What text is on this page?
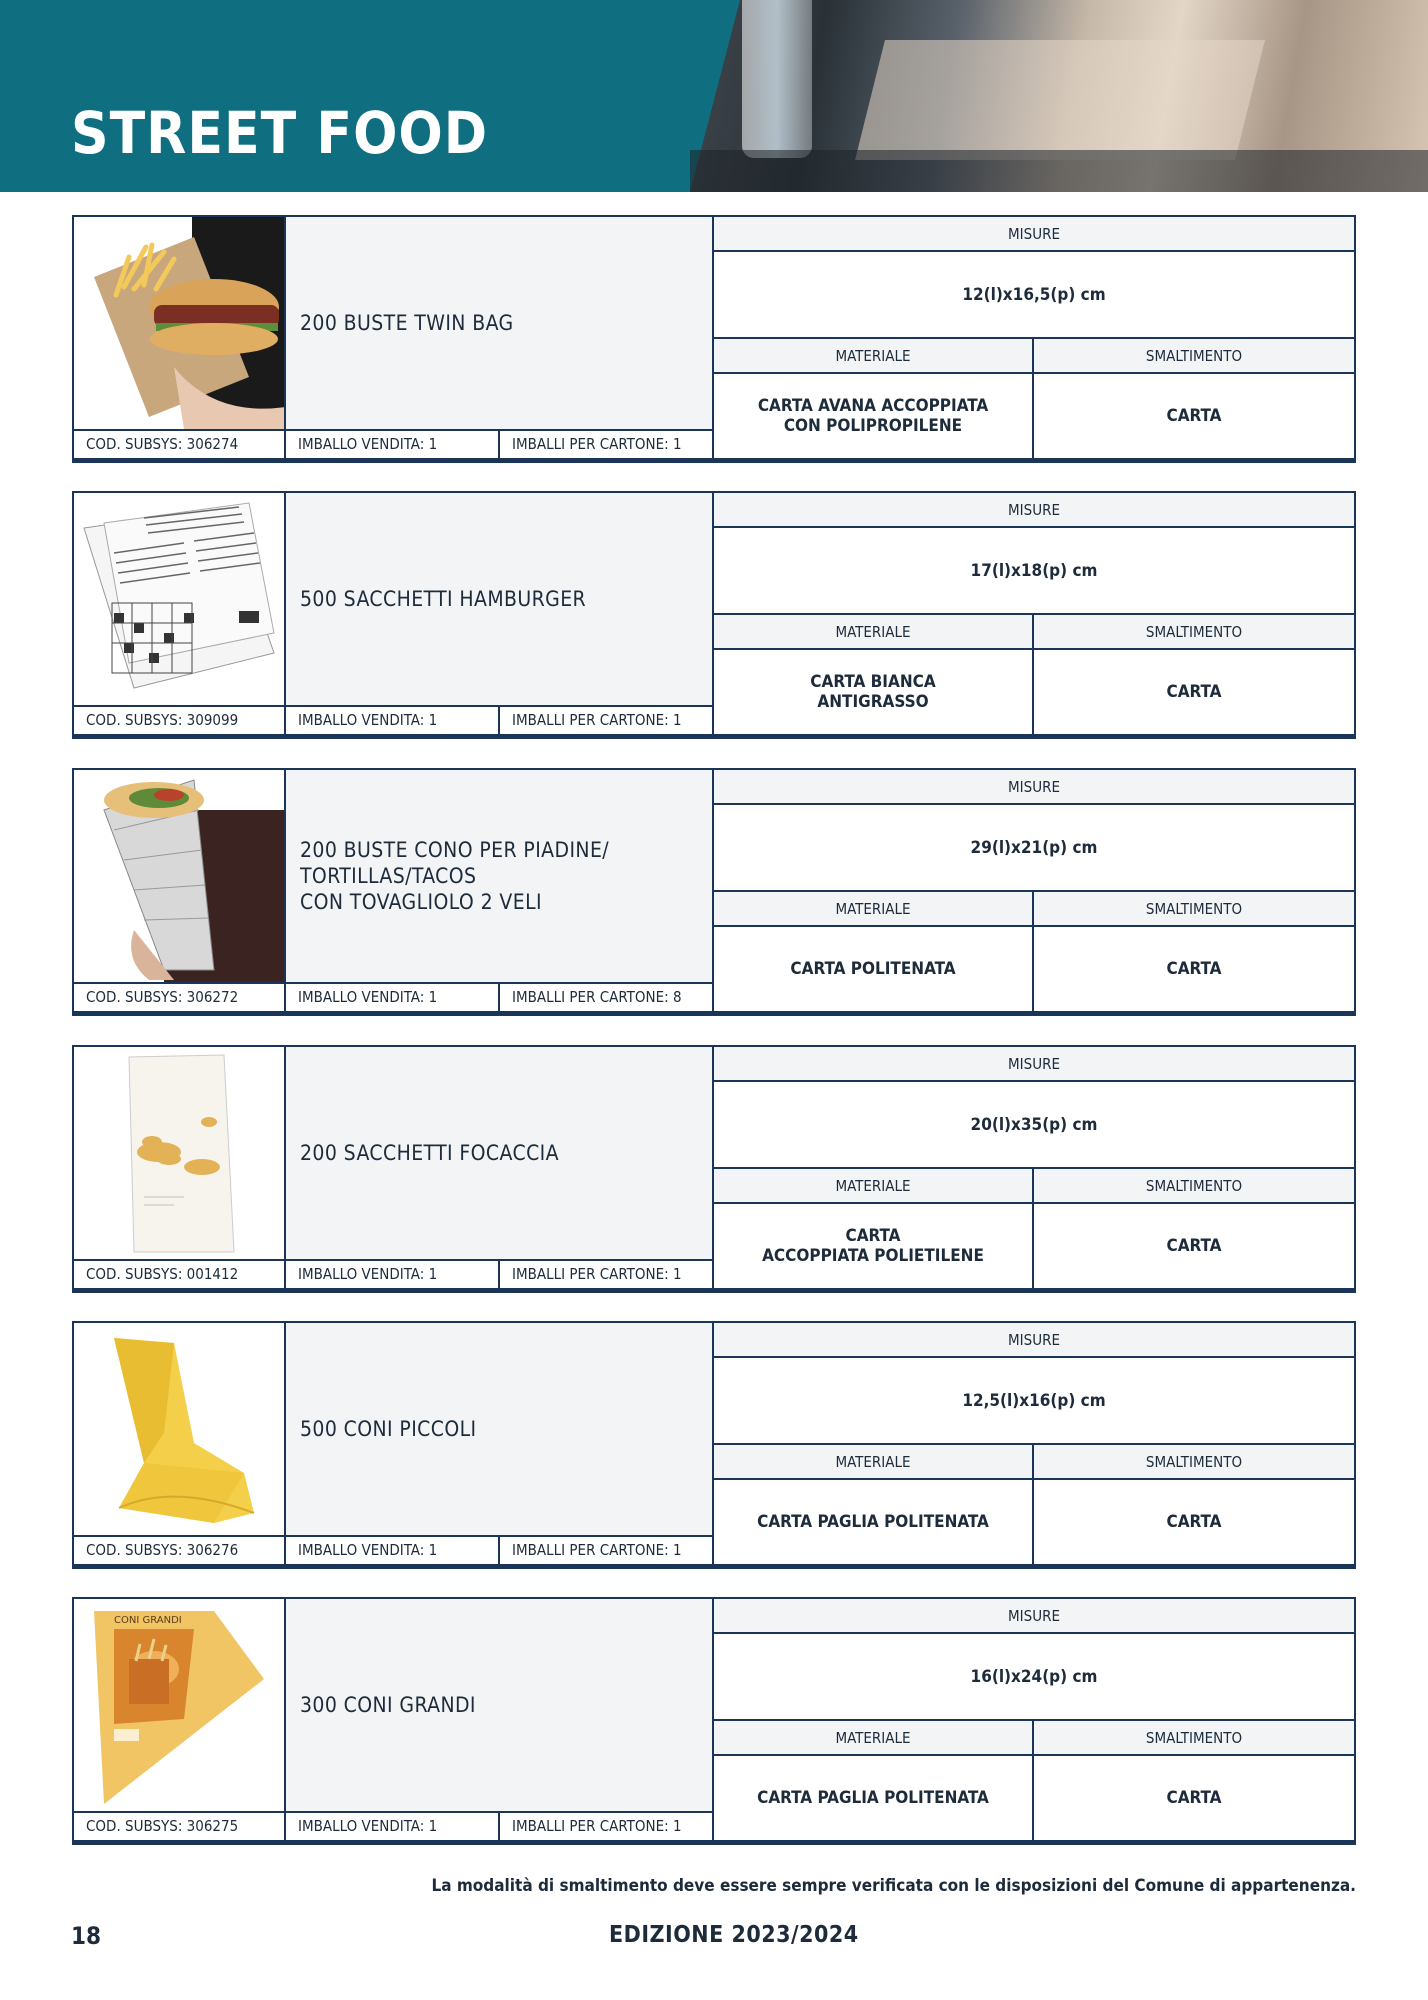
STREET FOOD
200 BUSTE TWIN BAG
COD. SUBSYS: 306274	IMBALLO VENDITA: 1	IMBALLI PER CARTONE: 1
MISURE
12(l)x16,5(p) cm
MATERIALE	SMALTIMENTO
CARTA AVANA ACCOPPIATA
CON POLIPROPILENE	CARTA
500 SACCHETTI HAMBURGER
COD. SUBSYS: 309099	IMBALLO VENDITA: 1	IMBALLI PER CARTONE: 1
MISURE
17(l)x18(p) cm
MATERIALE	SMALTIMENTO
CARTA BIANCA
ANTIGRASSO	CARTA
200 BUSTE CONO PER PIADINE/
TORTILLAS/TACOS
CON TOVAGLIOLO 2 VELI
COD. SUBSYS: 306272	IMBALLO VENDITA: 1	IMBALLI PER CARTONE: 8
MISURE
29(l)x21(p) cm
MATERIALE	SMALTIMENTO
CARTA POLITENATA	CARTA
200 SACCHETTI FOCACCIA
COD. SUBSYS: 001412	IMBALLO VENDITA: 1	IMBALLI PER CARTONE: 1
MISURE
20(l)x35(p) cm
MATERIALE	SMALTIMENTO
CARTA
ACCOPPIATA POLIETILENE	CARTA
500 CONI PICCOLI
COD. SUBSYS: 306276	IMBALLO VENDITA: 1	IMBALLI PER CARTONE: 1
MISURE
12,5(l)x16(p) cm
MATERIALE	SMALTIMENTO
CARTA PAGLIA POLITENATA	CARTA
CONI GRANDI
300 CONI GRANDI
COD. SUBSYS: 306275	IMBALLO VENDITA: 1	IMBALLI PER CARTONE: 1
MISURE
16(l)x24(p) cm
MATERIALE	SMALTIMENTO
CARTA PAGLIA POLITENATA	CARTA
La modalità di smaltimento deve essere sempre verificata con le disposizioni del Comune di appartenenza.
18	EDIZIONE 2023/2024
